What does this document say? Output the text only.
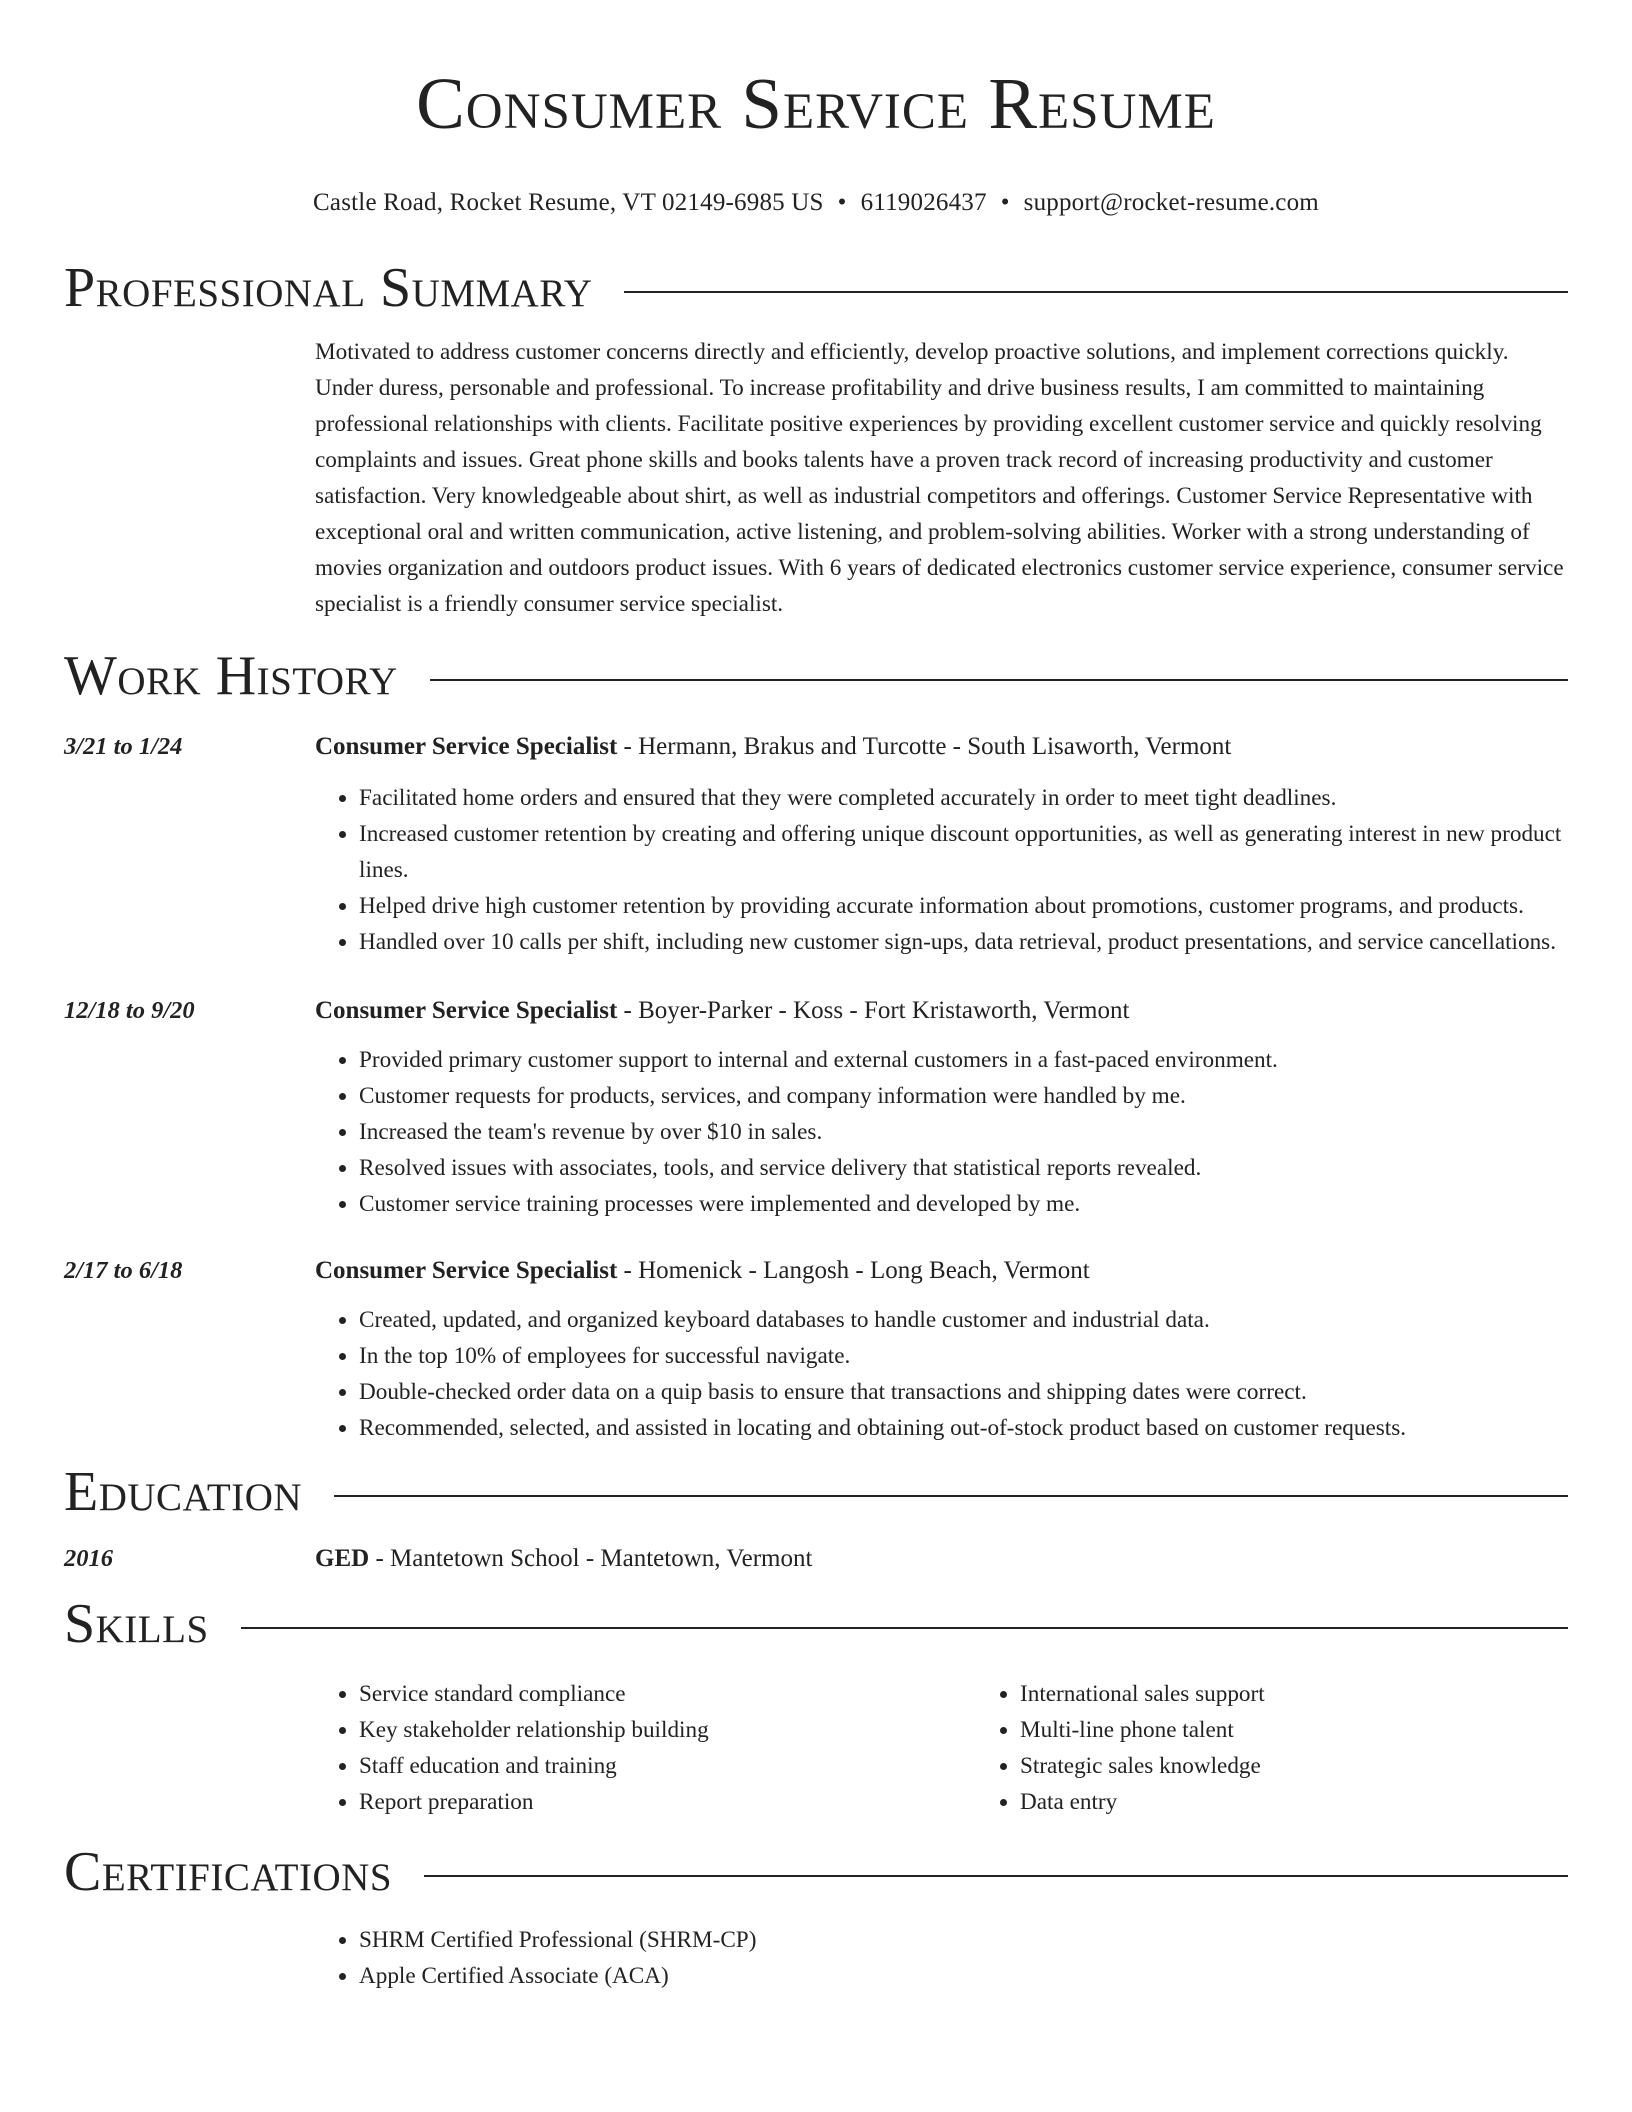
Consumer Service Resume
Castle Road, Rocket Resume, VT 02149-6985 US • 6119026437 • support@rocket-resume.com
Professional Summary

Motivated to address customer concerns directly and efficiently, develop proactive solutions, and implement corrections quickly. Under duress, personable and professional. To increase profitability and drive business results, I am committed to maintaining professional relationships with clients. Facilitate positive experiences by providing excellent customer service and quickly resolving complaints and issues. Great phone skills and books talents have a proven track record of increasing productivity and customer satisfaction. Very knowledgeable about shirt, as well as industrial competitors and offerings. Customer Service Representative with exceptional oral and written communication, active listening, and problem-solving abilities. Worker with a strong understanding of movies organization and outdoors product issues. With 6 years of dedicated electronics customer service experience, consumer service specialist is a friendly consumer service specialist.

Work History
3/21 to 1/24	Consumer Service Specialist - Hermann, Brakus and Turcotte - South Lisaworth, Vermont
• Facilitated home orders and ensured that they were completed accurately in order to meet tight deadlines.
• Increased customer retention by creating and offering unique discount opportunities, as well as generating interest in new product lines.
• Helped drive high customer retention by providing accurate information about promotions, customer programs, and products.
• Handled over 10 calls per shift, including new customer sign-ups, data retrieval, product presentations, and service cancellations.
12/18 to 9/20	Consumer Service Specialist - Boyer-Parker - Koss - Fort Kristaworth, Vermont
• Provided primary customer support to internal and external customers in a fast-paced environment.
• Customer requests for products, services, and company information were handled by me.
• Increased the team's revenue by over $10 in sales.
• Resolved issues with associates, tools, and service delivery that statistical reports revealed.
• Customer service training processes were implemented and developed by me.
2/17 to 6/18	Consumer Service Specialist - Homenick - Langosh - Long Beach, Vermont
• Created, updated, and organized keyboard databases to handle customer and industrial data.
• In the top 10% of employees for successful navigate.
• Double-checked order data on a quip basis to ensure that transactions and shipping dates were correct.
• Recommended, selected, and assisted in locating and obtaining out-of-stock product based on customer requests.
Education
2016	GED - Mantetown School - Mantetown, Vermont
Skills
• Service standard compliance
• Key stakeholder relationship building
• Staff education and training
• Report preparation
• International sales support
• Multi-line phone talent
• Strategic sales knowledge
• Data entry
Certifications
• SHRM Certified Professional (SHRM-CP)
• Apple Certified Associate (ACA)
